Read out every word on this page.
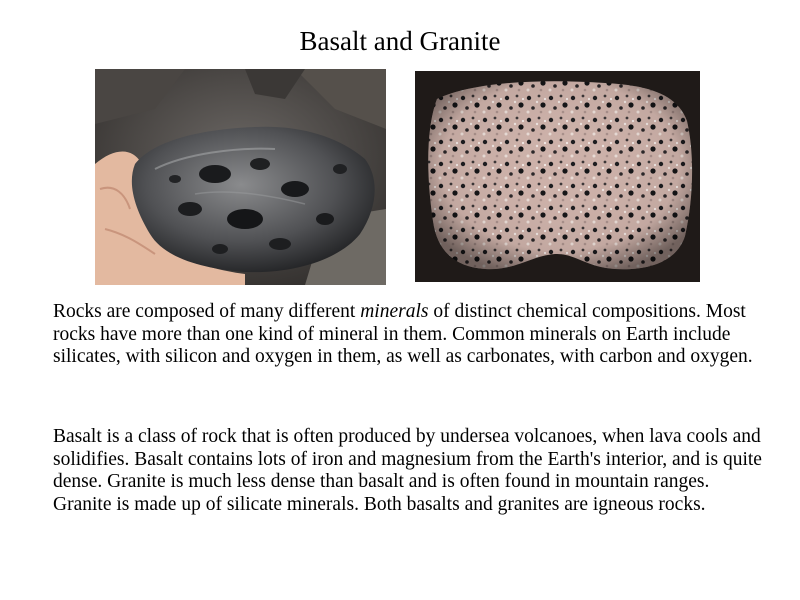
Basalt and Granite

Rocks are composed of many different minerals of distinct chemical compositions. Most rocks have more than one kind of mineral in them. Common minerals on Earth include silicates, with silicon and oxygen in them, as well as carbonates, with carbon and oxygen.

Basalt is a class of rock that is often produced by undersea volcanoes, when lava cools and solidifies. Basalt contains lots of iron and magnesium from the Earth's interior, and is quite dense. Granite is much less dense than basalt and is often found in mountain ranges. Granite is made up of silicate minerals. Both basalts and granites are igneous rocks.
